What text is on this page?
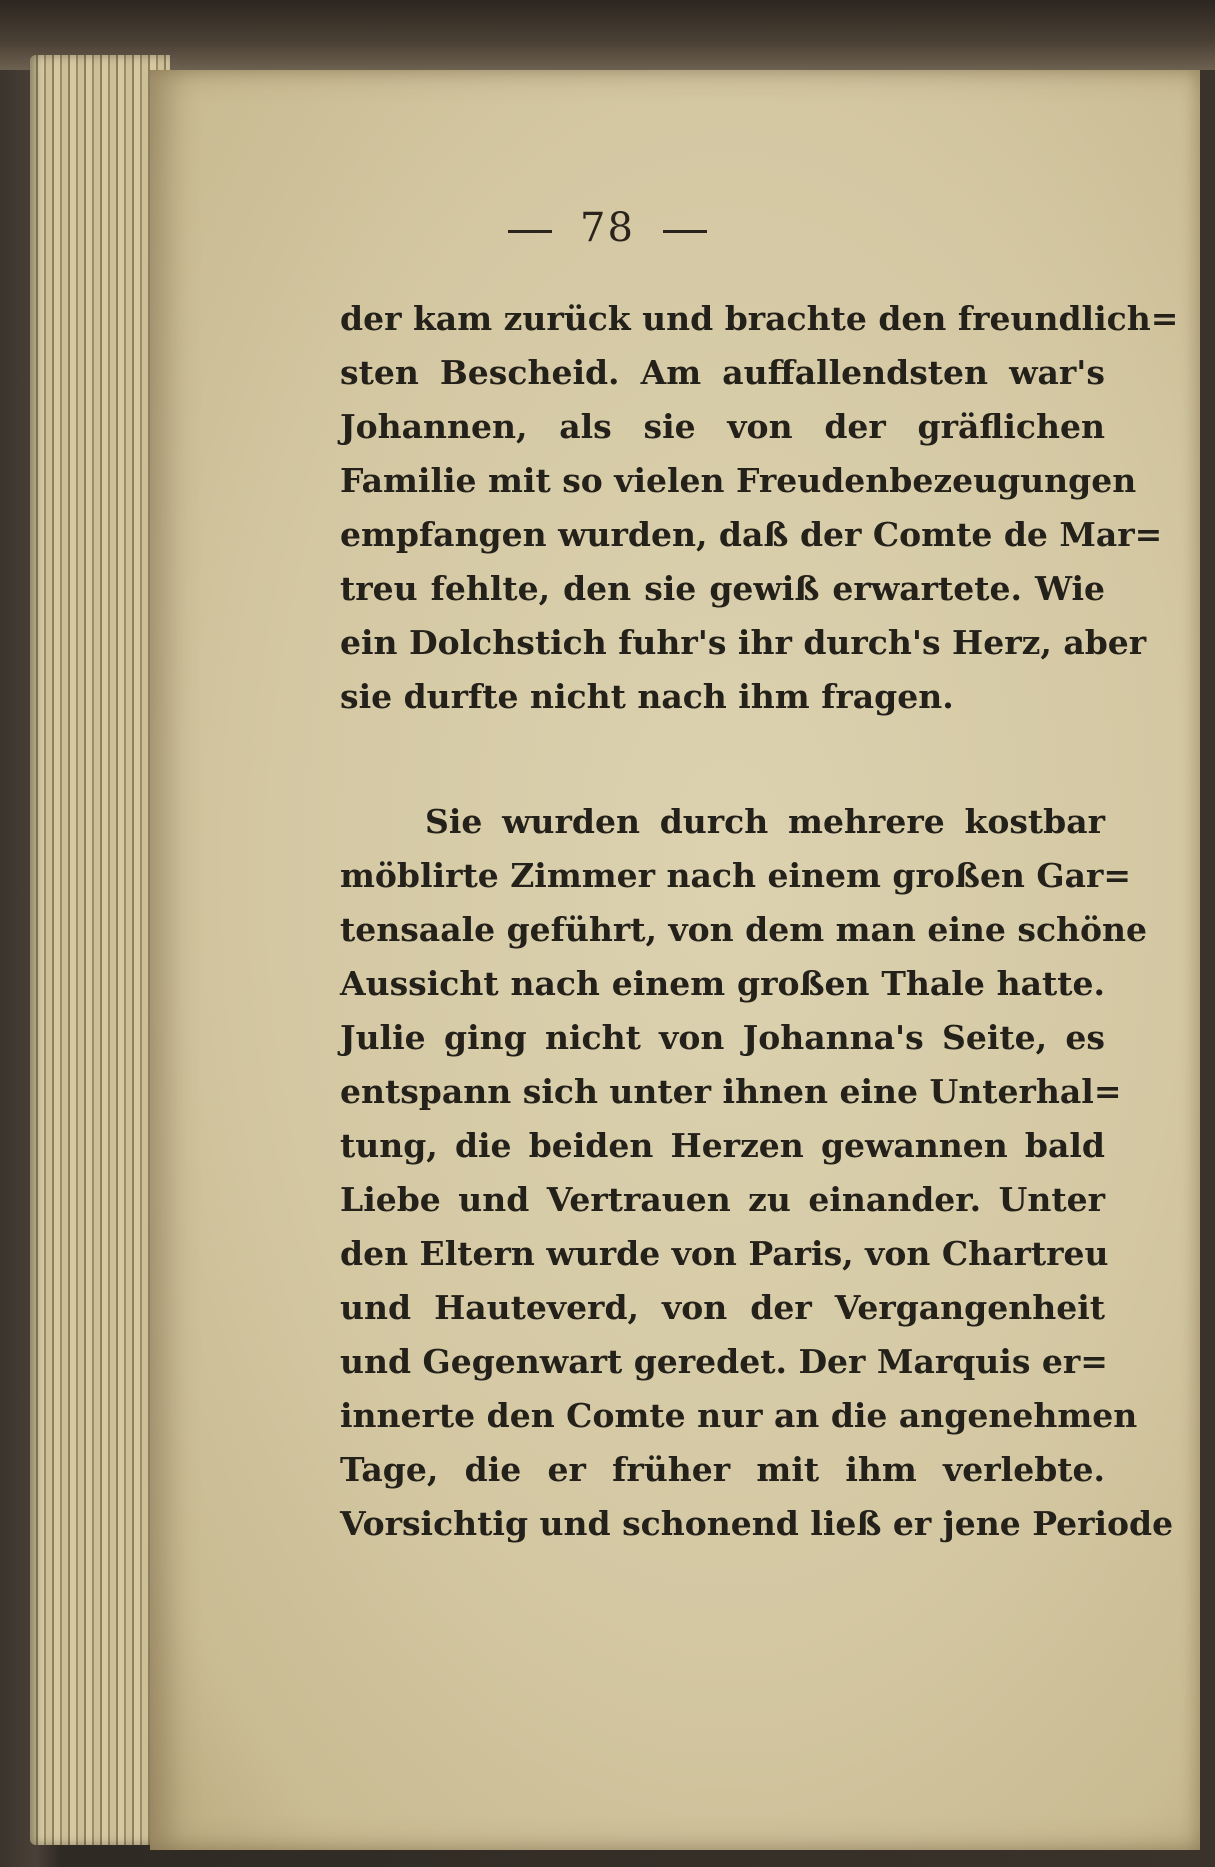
78
der kam zurück und brachte den freundlich=
sten Bescheid. Am auffallendsten war's
Johannen, als sie von der gräflichen
Familie mit so vielen Freudenbezeugungen
empfangen wurden, daß der Comte de Mar=
treu fehlte, den sie gewiß erwartete. Wie
ein Dolchstich fuhr's ihr durch's Herz, aber
sie durfte nicht nach ihm fragen.
Sie wurden durch mehrere kostbar
möblirte Zimmer nach einem großen Gar=
tensaale geführt, von dem man eine schöne
Aussicht nach einem großen Thale hatte.
Julie ging nicht von Johanna's Seite, es
entspann sich unter ihnen eine Unterhal=
tung, die beiden Herzen gewannen bald
Liebe und Vertrauen zu einander. Unter
den Eltern wurde von Paris, von Chartreu
und Hauteverd, von der Vergangenheit
und Gegenwart geredet. Der Marquis er=
innerte den Comte nur an die angenehmen
Tage, die er früher mit ihm verlebte.
Vorsichtig und schonend ließ er jene Periode
